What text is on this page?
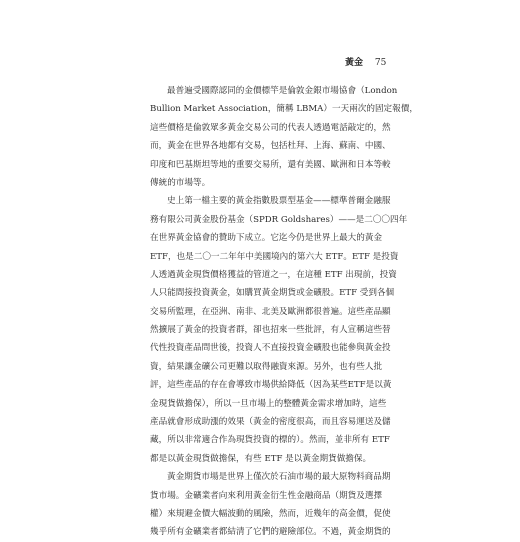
黃金 75
最普遍受國際認同的金價標竿是倫敦金銀市場協會（London
Bullion Market Association，簡稱 LBMA）一天兩次的固定報價，
這些價格是倫敦眾多黃金交易公司的代表人透過電話敲定的，然
而，黃金在世界各地都有交易，包括杜拜、上海、蘇南、中國、
印度和巴基斯坦等地的重要交易所，還有美國、歐洲和日本等較
傳統的市場等。
史上第一檔主要的黃金指數股票型基金——標準普爾金融服
務有限公司黃金股份基金（SPDR Goldshares）——是二〇〇四年
在世界黃金協會的贊助下成立。它迄今仍是世界上最大的黃金
ETF，也是二〇一二年年中美國境內的第六大 ETF。ETF 是投資
人透過黃金現貨價格獲益的管道之一，在這種 ETF 出現前，投資
人只能間接投資黃金，如購買黃金期貨或金礦股。ETF 受到各個
交易所監理，在亞洲、南非、北美及歐洲都很普遍。這些產品顯
然擴展了黃金的投資者群，卻也招來一些批評，有人宣稱這些替
代性投資產品問世後，投資人不直接投資金礦股也能參與黃金投
資，結果讓金礦公司更難以取得融資來源。另外，也有些人批
評，這些產品的存在會導致市場供給降低（因為某些ETF是以黃
金現貨做擔保），所以一旦市場上的整體黃金需求增加時，這些
產品就會形成助漲的效果（黃金的密度很高，而且容易運送及儲
藏，所以非常適合作為現貨投資的標的）。然而，並非所有 ETF
都是以黃金現貨做擔保，有些 ETF 是以黃金期貨做擔保。
黃金期貨市場是世界上僅次於石油市場的最大原物料商品期
貨市場。金礦業者向來利用黃金衍生性金融商品（期貨及選擇
權）來規避金價大幅波動的風險，然而，近幾年的高金價，促使
幾乎所有金礦業者都結清了它們的避險部位。不過，黃金期貨的
